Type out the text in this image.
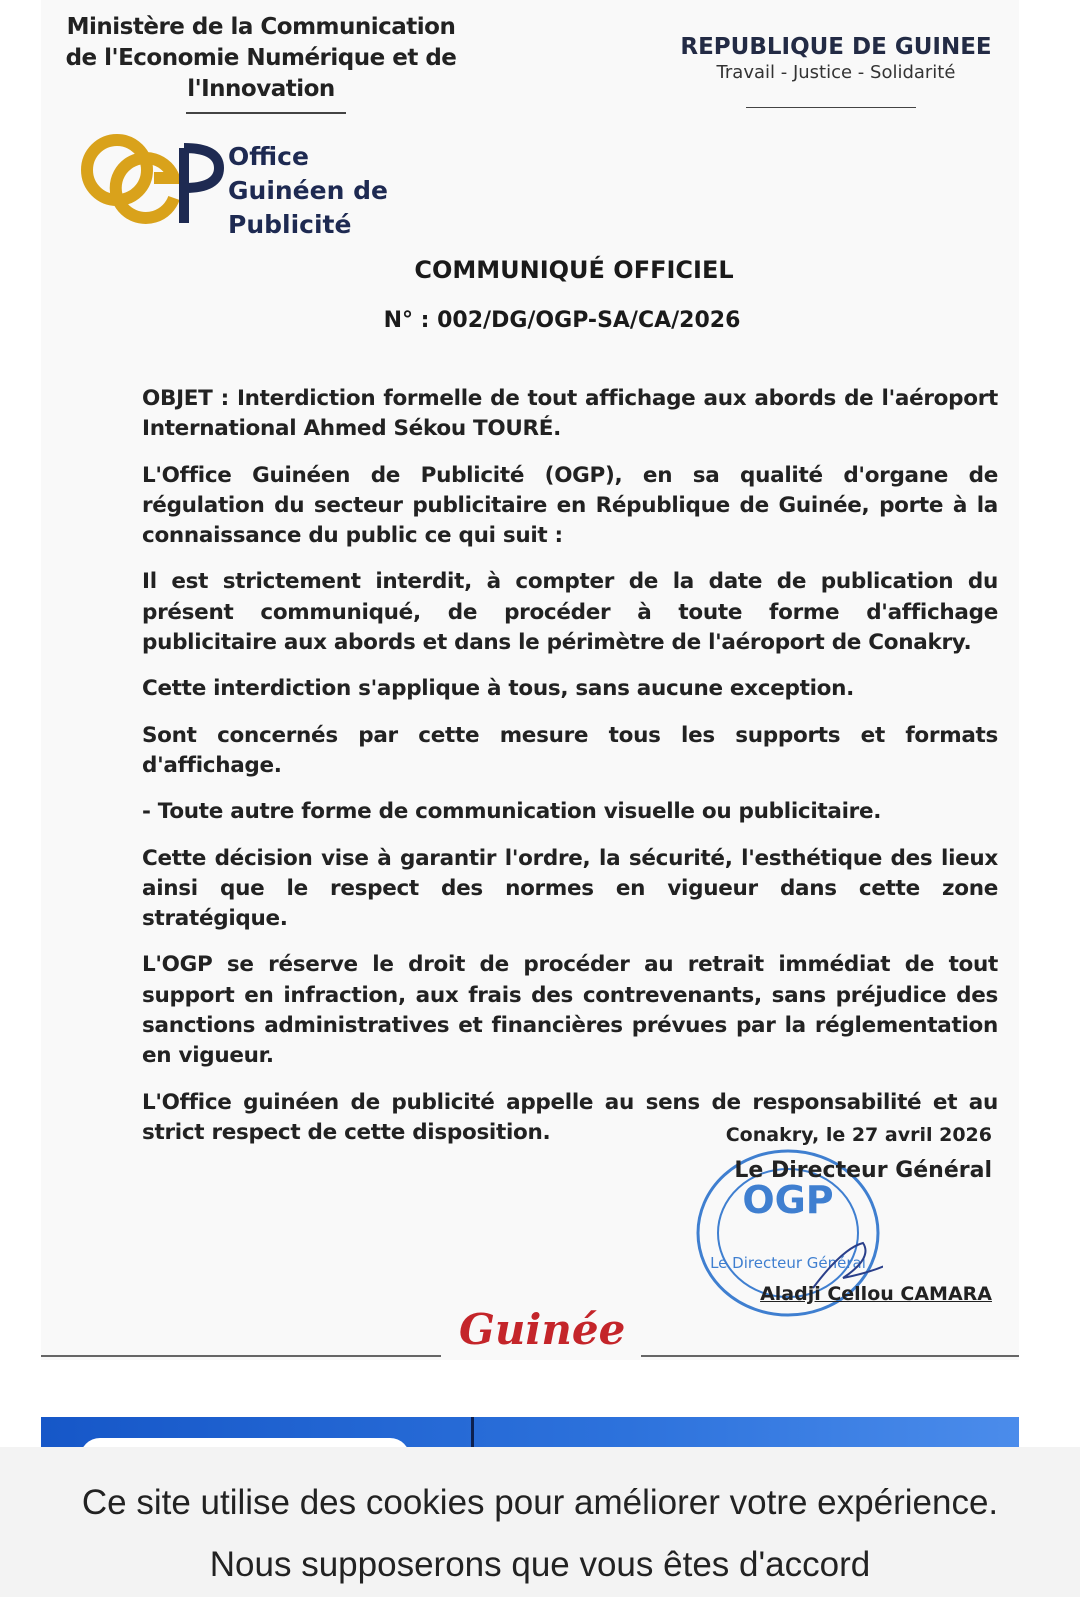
Ministère de la Communication de l'Economie Numérique et de l'Innovation
REPUBLIQUE DE GUINEE
Travail - Justice - Solidarité
Office
Guinéen de
Publicité
COMMUNIQUÉ OFFICIEL
N° : 002/DG/OGP-SA/CA/2026

OBJET : Interdiction formelle de tout affichage aux abords de l'aéroport International Ahmed Sékou TOURÉ.

L'Office Guinéen de Publicité (OGP), en sa qualité d'organe de régulation du secteur publicitaire en République de Guinée, porte à la connaissance du public ce qui suit :

Il est strictement interdit, à compter de la date de publication du présent communiqué, de procéder à toute forme d'affichage publicitaire aux abords et dans le périmètre de l'aéroport de Conakry.

Cette interdiction s'applique à tous, sans aucune exception.

Sont concernés par cette mesure tous les supports et formats d'affichage.

- Toute autre forme de communication visuelle ou publicitaire.

Cette décision vise à garantir l'ordre, la sécurité, l'esthétique des lieux ainsi que le respect des normes en vigueur dans cette zone stratégique.

L'OGP se réserve le droit de procéder au retrait immédiat de tout support en infraction, aux frais des contrevenants, sans préjudice des sanctions administratives et financières prévues par la réglementation en vigueur.

L'Office guinéen de publicité appelle au sens de responsabilité et au strict respect de cette disposition.

OGP
Le Directeur Général
Conakry, le 27 avril 2026
Le Directeur Général
Aladji Cellou CAMARA
Guinée

Ce site utilise des cookies pour améliorer votre expérience. Nous supposerons que vous êtes d'accord
